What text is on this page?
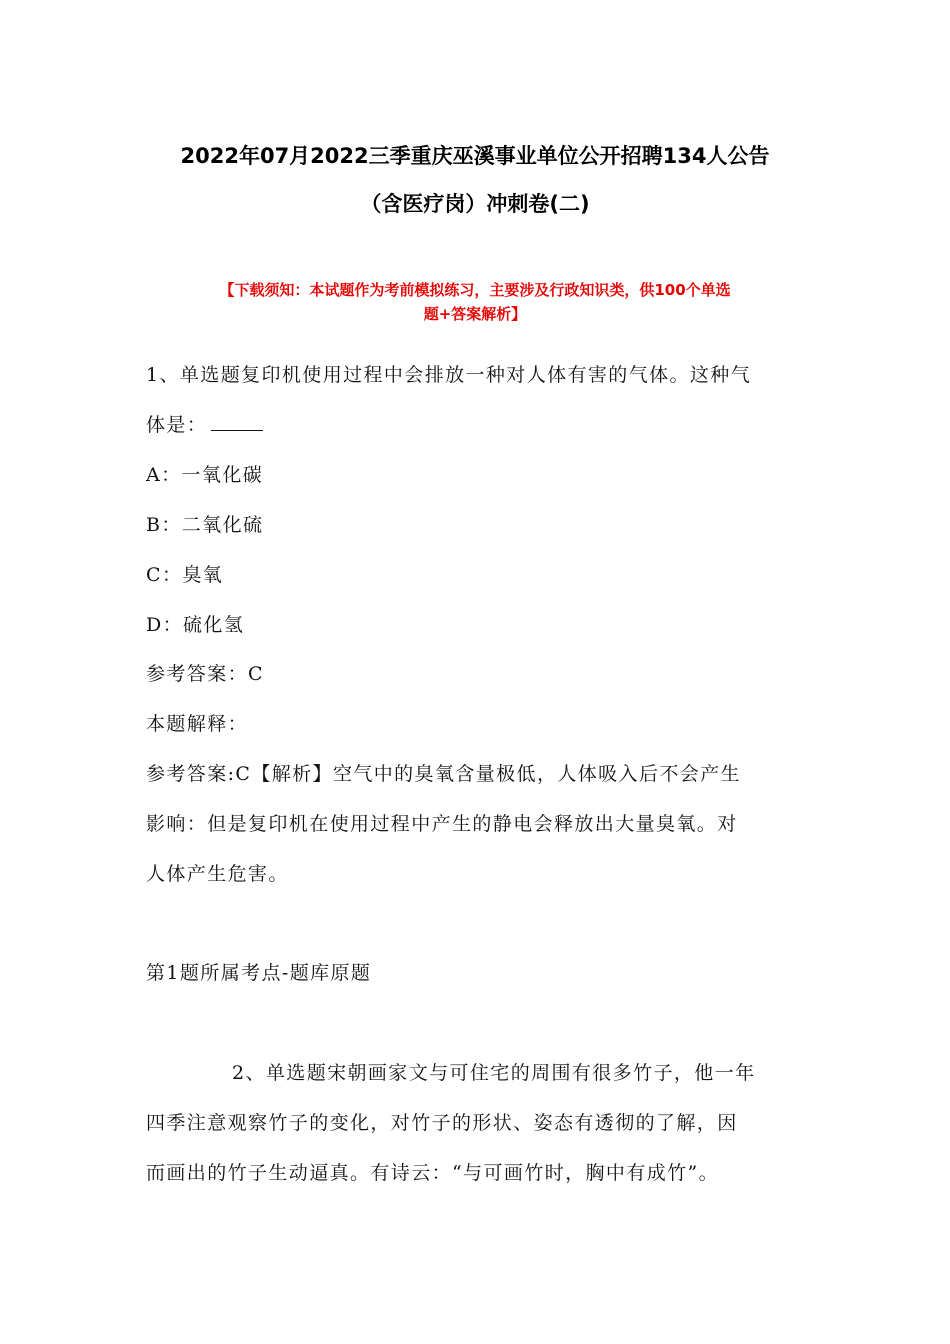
2022年07月2022三季重庆巫溪事业单位公开招聘134人公告
（含医疗岗）冲刺卷(二)
【下载须知：本试题作为考前模拟练习，主要涉及行政知识类，供100个单选
题+答案解析】
1、单选题复印机使用过程中会排放一种对人体有害的气体。这种气
体是：
A：一氧化碳
B：二氧化硫
C：臭氧
D：硫化氢
参考答案：C
本题解释：
参考答案:C【解析】空气中的臭氧含量极低，人体吸入后不会产生
影响：但是复印机在使用过程中产生的静电会释放出大量臭氧。对
人体产生危害。
第1题所属考点-题库原题
2、单选题宋朝画家文与可住宅的周围有很多竹子，他一年
四季注意观察竹子的变化，对竹子的形状、姿态有透彻的了解，因
而画出的竹子生动逼真。有诗云：“与可画竹时，胸中有成竹”。
